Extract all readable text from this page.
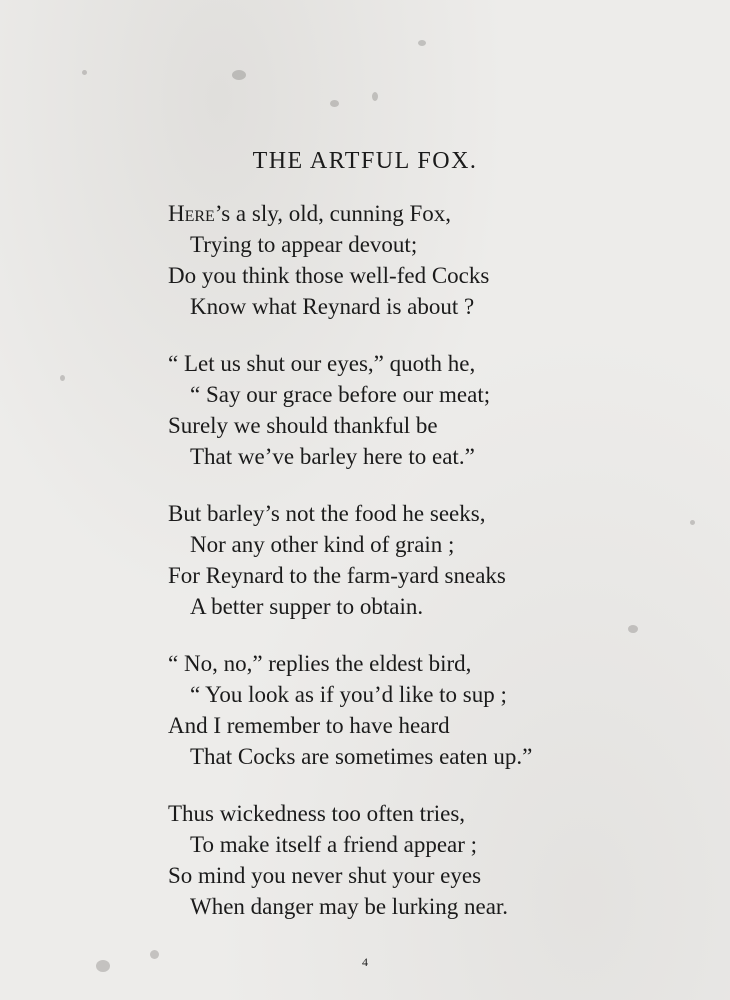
THE ARTFUL FOX.
Here’s a sly, old, cunning Fox,
Trying to appear devout;
Do you think those well-fed Cocks
Know what Reynard is about ?
“ Let us shut our eyes,” quoth he,
“ Say our grace before our meat;
Surely we should thankful be
That we’ve barley here to eat.”
But barley’s not the food he seeks,
Nor any other kind of grain ;
For Reynard to the farm-yard sneaks
A better supper to obtain.
“ No, no,” replies the eldest bird,
“ You look as if you’d like to sup ;
And I remember to have heard
That Cocks are sometimes eaten up.”
Thus wickedness too often tries,
To make itself a friend appear ;
So mind you never shut your eyes
When danger may be lurking near.
4
